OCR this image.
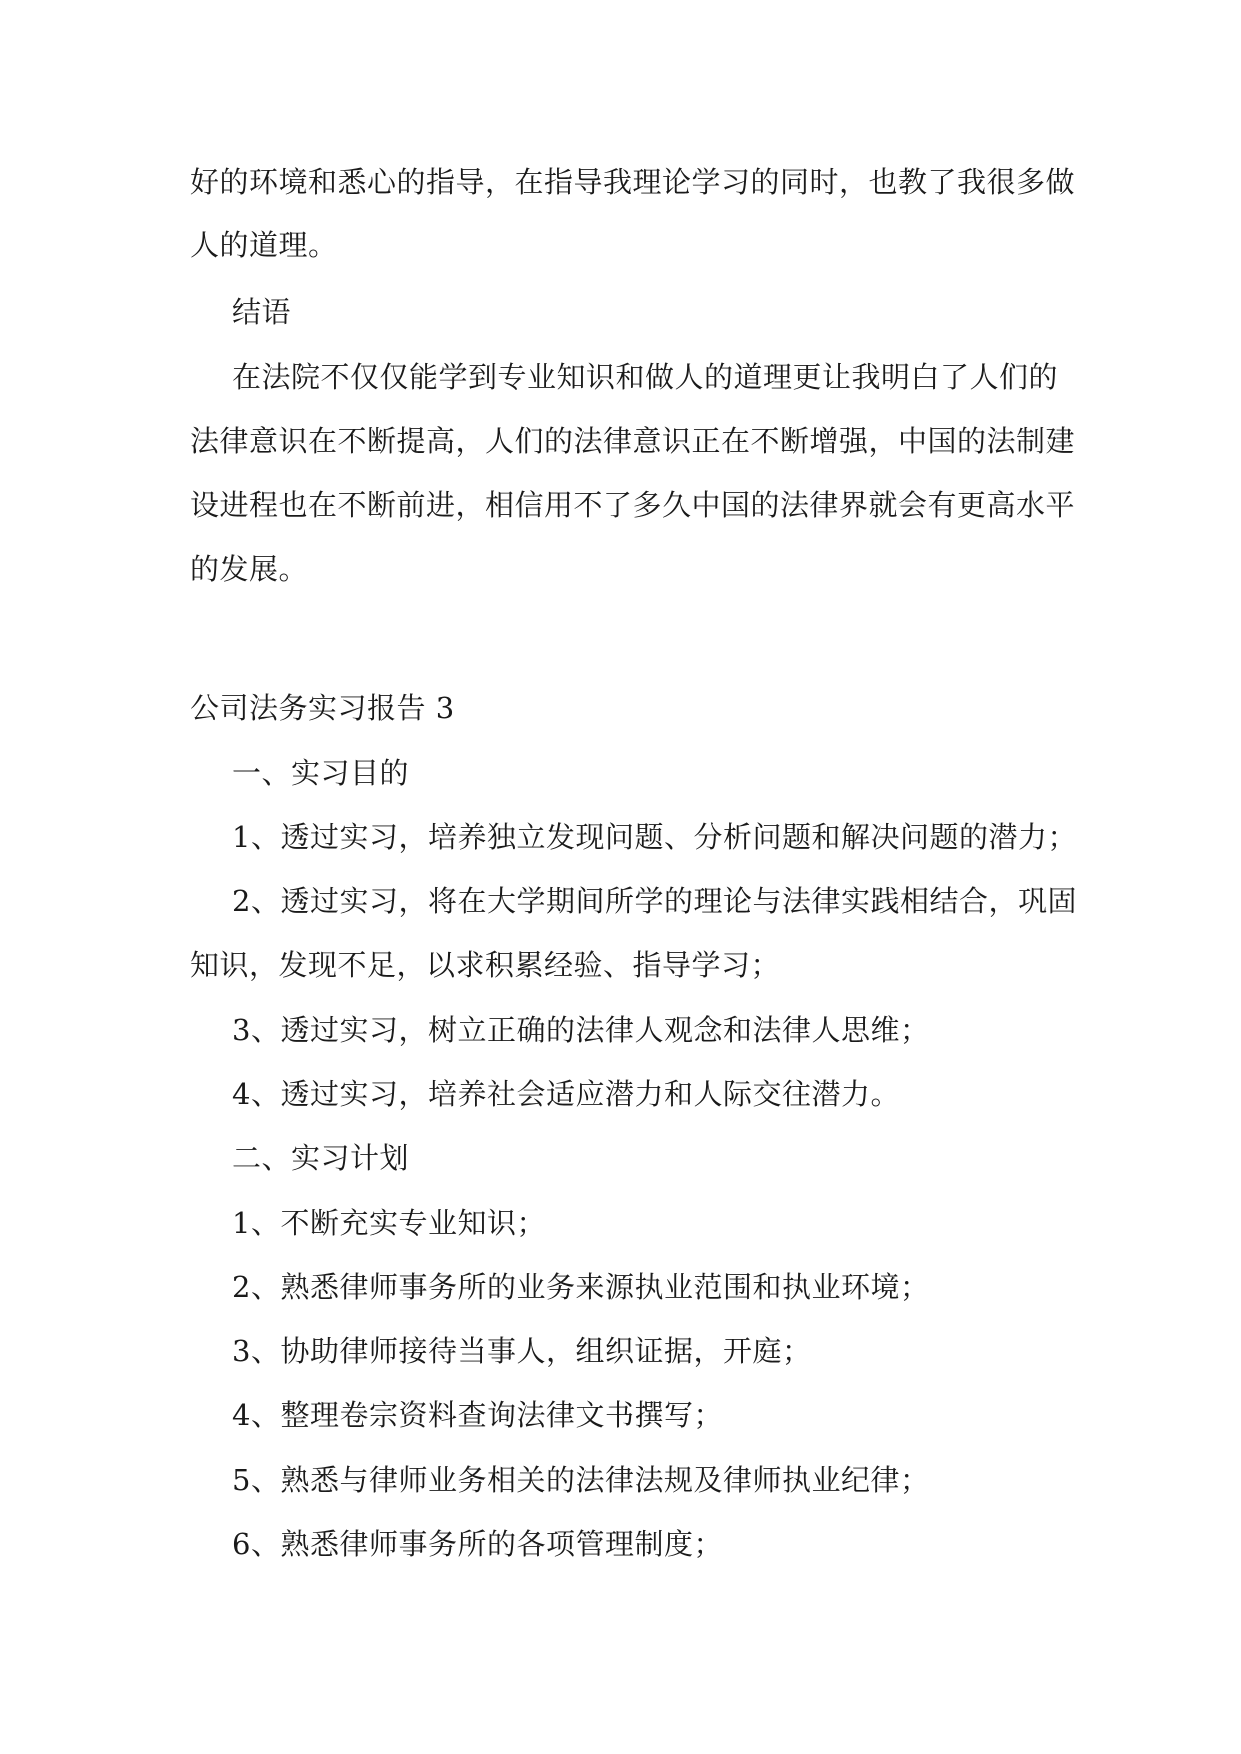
好的环境和悉心的指导，在指导我理论学习的同时，也教了我很多做
人的道理。
结语
在法院不仅仅能学到专业知识和做人的道理更让我明白了人们的
法律意识在不断提高，人们的法律意识正在不断增强，中国的法制建
设进程也在不断前进，相信用不了多久中国的法律界就会有更高水平
的发展。
公司法务实习报告 3
一、实习目的
1、透过实习，培养独立发现问题、分析问题和解决问题的潜力；
2、透过实习，将在大学期间所学的理论与法律实践相结合，巩固
知识，发现不足，以求积累经验、指导学习；
3、透过实习，树立正确的法律人观念和法律人思维；
4、透过实习，培养社会适应潜力和人际交往潜力。
二、实习计划
1、不断充实专业知识；
2、熟悉律师事务所的业务来源执业范围和执业环境；
3、协助律师接待当事人，组织证据，开庭；
4、整理卷宗资料查询法律文书撰写；
5、熟悉与律师业务相关的法律法规及律师执业纪律；
6、熟悉律师事务所的各项管理制度；
